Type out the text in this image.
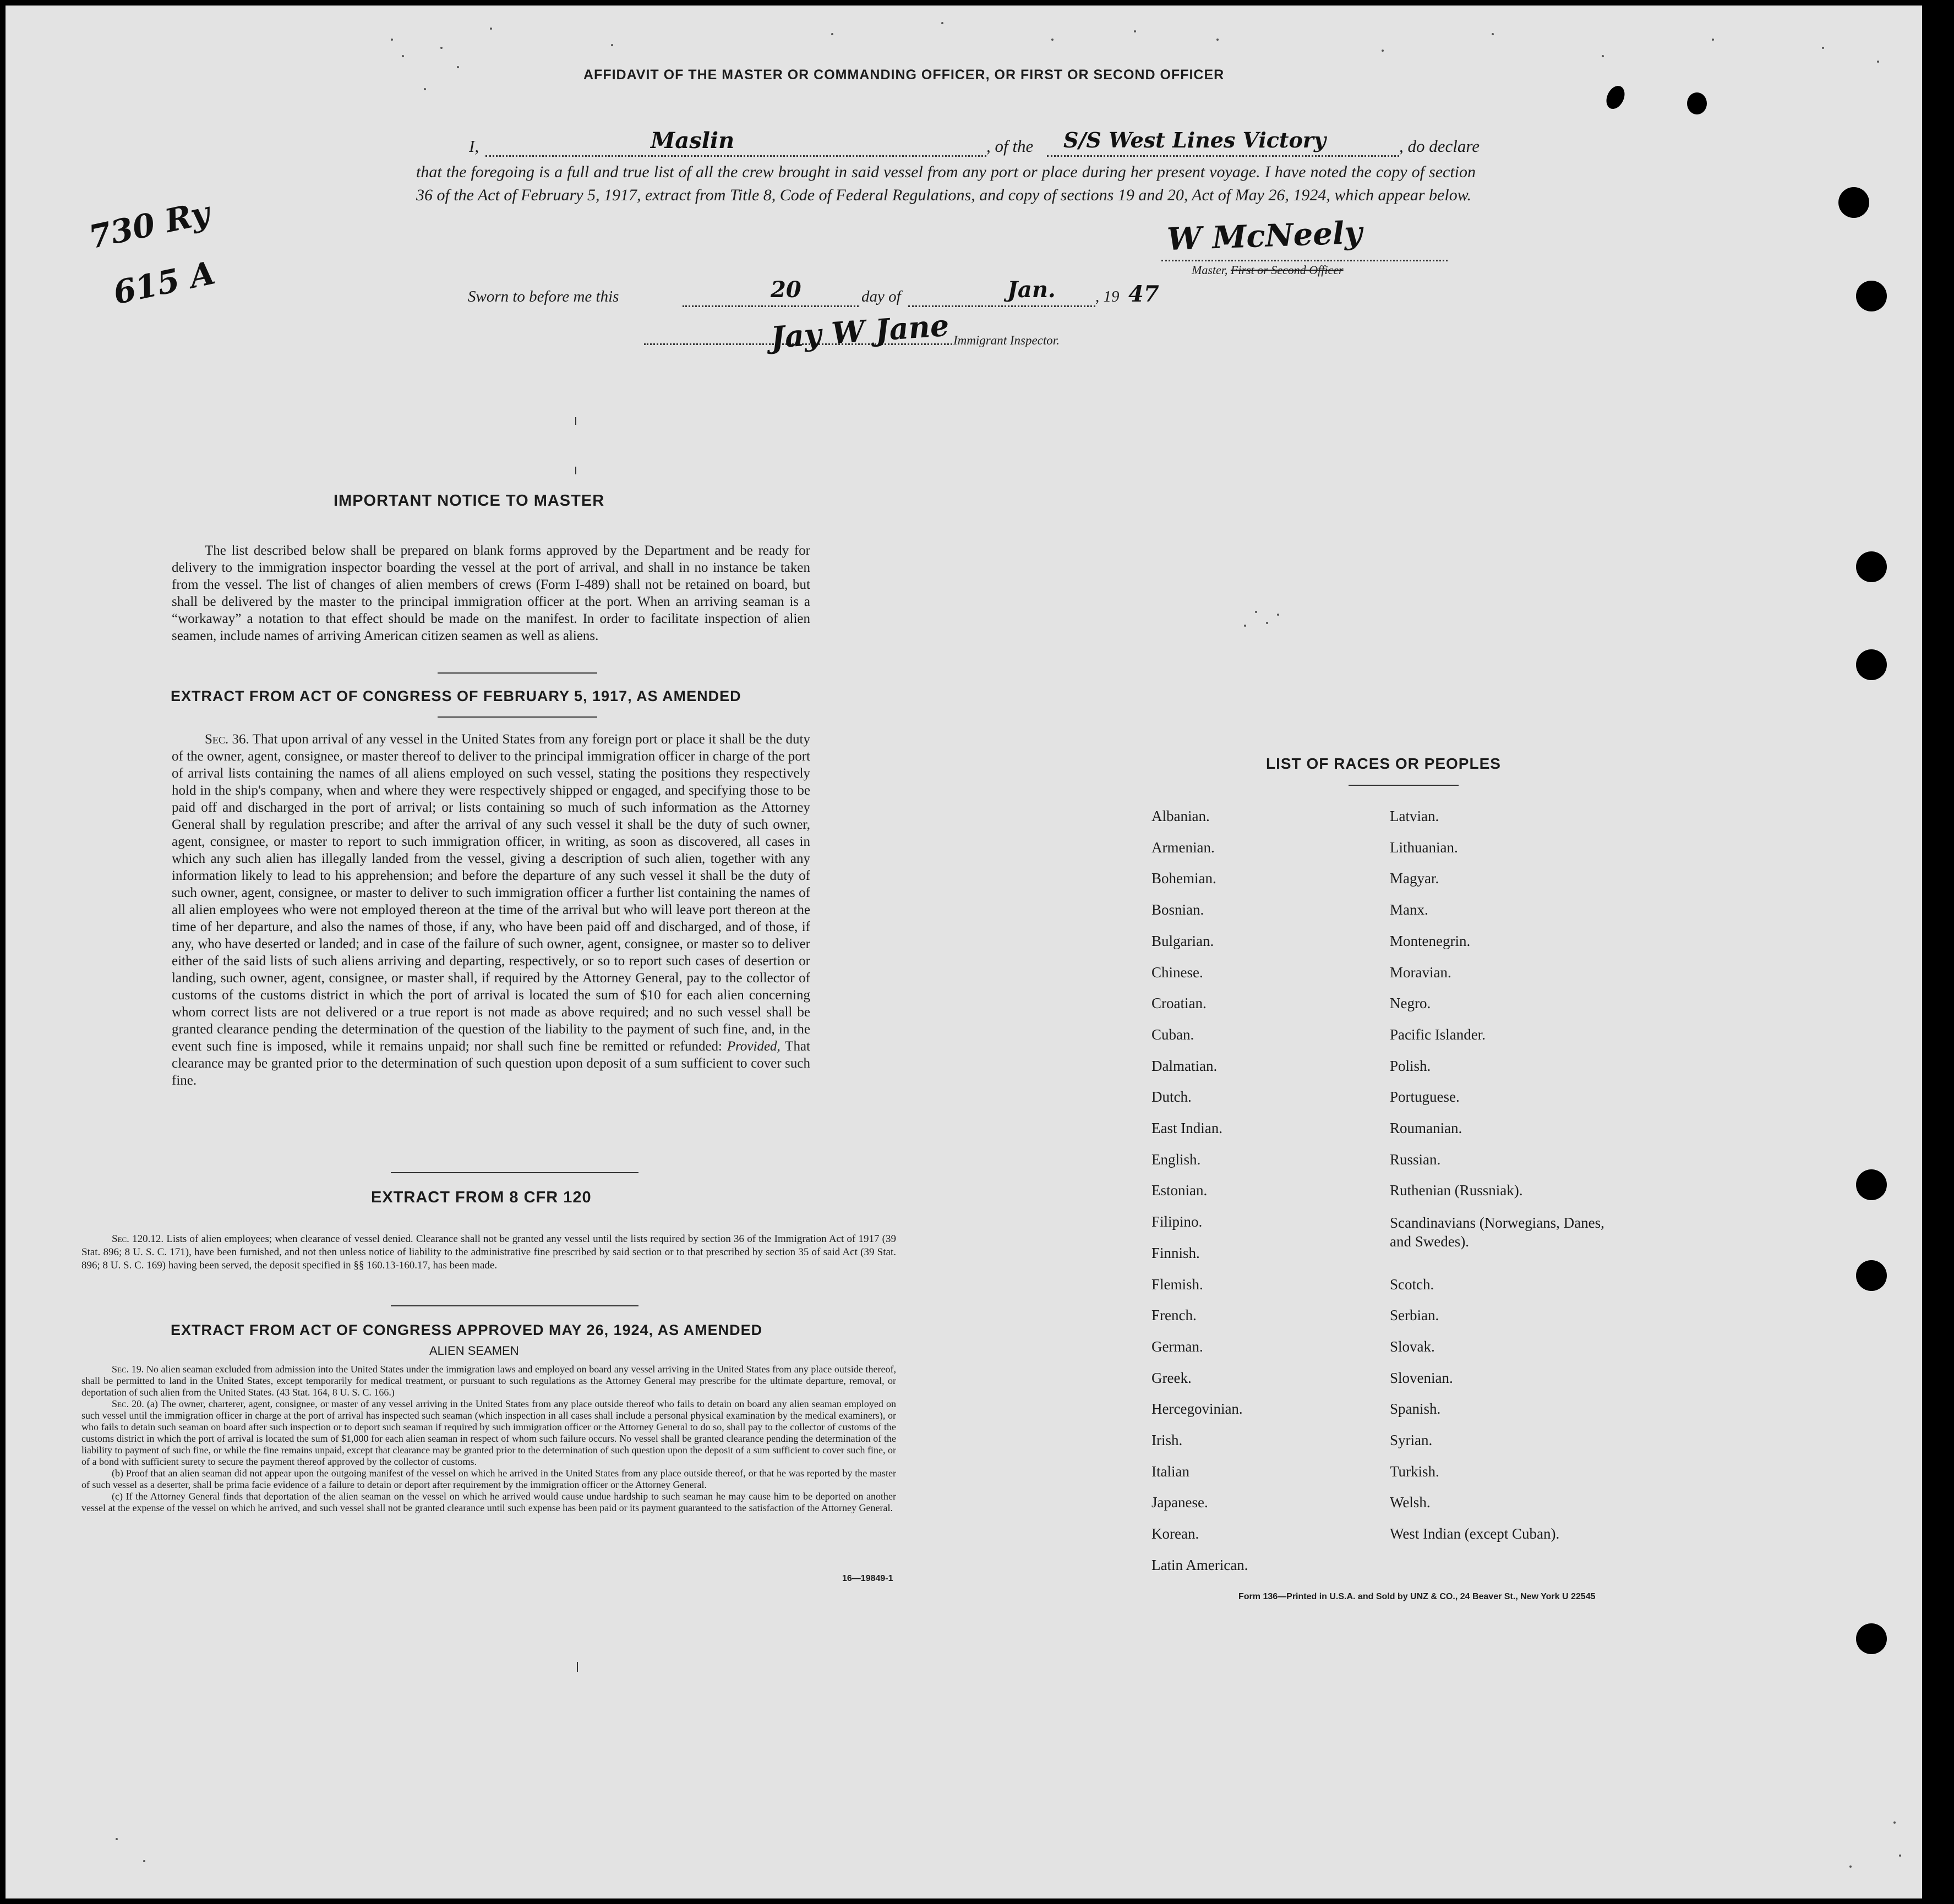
AFFIDAVIT OF THE MASTER OR COMMANDING OFFICER, OR FIRST OR SECOND OFFICER
I,	Maslin	, of the S/S West Lines Victory	, do declare
that the foregoing is a full and true list of all the crew brought in said vessel from any port or place during her present voyage. I have noted the copy of section 36 of the Act of February 5, 1917, extract from Title 8, Code of Federal Regulations, and copy of sections 19 and 20, Act of May 26, 1924, which appear below.
W McNeely
Master, First or Second Officer
Sworn to before me this	20	day of	Jan. , 19 47
Jay W Jane Immigrant Inspector.
730 Ry
615 A
IMPORTANT NOTICE TO MASTER
The list described below shall be prepared on blank forms approved by the Department and be ready for delivery to the immigration inspector boarding the vessel at the port of arrival, and shall in no instance be taken from the vessel. The list of changes of alien members of crews (Form I-489) shall not be retained on board, but shall be delivered by the master to the principal immigration officer at the port. When an arriving seaman is a “workaway” a notation to that effect should be made on the manifest. In order to facilitate inspection of alien seamen, include names of arriving American citizen seamen as well as aliens.
EXTRACT FROM ACT OF CONGRESS OF FEBRUARY 5, 1917, AS AMENDED
Sec. 36. That upon arrival of any vessel in the United States from any foreign port or place it shall be the duty of the owner, agent, consignee, or master thereof to deliver to the principal immigration officer in charge of the port of arrival lists containing the names of all aliens employed on such vessel, stating the positions they respectively hold in the ship's company, when and where they were respectively shipped or engaged, and specifying those to be paid off and discharged in the port of arrival; or lists containing so much of such information as the Attorney General shall by regulation prescribe; and after the arrival of any such vessel it shall be the duty of such owner, agent, consignee, or master to report to such immigration officer, in writing, as soon as discovered, all cases in which any such alien has illegally landed from the vessel, giving a description of such alien, together with any information likely to lead to his apprehension; and before the departure of any such vessel it shall be the duty of such owner, agent, consignee, or master to deliver to such immigration officer a further list containing the names of all alien employees who were not employed thereon at the time of the arrival but who will leave port thereon at the time of her departure, and also the names of those, if any, who have been paid off and discharged, and of those, if any, who have deserted or landed; and in case of the failure of such owner, agent, consignee, or master so to deliver either of the said lists of such aliens arriving and departing, respectively, or so to report such cases of desertion or landing, such owner, agent, consignee, or master shall, if required by the Attorney General, pay to the collector of customs of the customs district in which the port of arrival is located the sum of $10 for each alien concerning whom correct lists are not delivered or a true report is not made as above required; and no such vessel shall be granted clearance pending the determination of the question of the liability to the payment of such fine, and, in the event such fine is imposed, while it remains unpaid; nor shall such fine be remitted or refunded: Provided, That clearance may be granted prior to the determination of such question upon deposit of a sum sufficient to cover such fine.
EXTRACT FROM 8 CFR 120
Sec. 120.12. Lists of alien employees; when clearance of vessel denied. Clearance shall not be granted any vessel until the lists required by section 36 of the Immigration Act of 1917 (39 Stat. 896; 8 U. S. C. 171), have been furnished, and not then unless notice of liability to the administrative fine prescribed by said section or to that prescribed by section 35 of said Act (39 Stat. 896; 8 U. S. C. 169) having been served, the deposit specified in §§ 160.13-160.17, has been made.
EXTRACT FROM ACT OF CONGRESS APPROVED MAY 26, 1924, AS AMENDED
ALIEN SEAMEN
Sec. 19. No alien seaman excluded from admission into the United States under the immigration laws and employed on board any vessel arriving in the United States from any place outside thereof, shall be permitted to land in the United States, except temporarily for medical treatment, or pursuant to such regulations as the Attorney General may prescribe for the ultimate departure, removal, or deportation of such alien from the United States. (43 Stat. 164, 8 U. S. C. 166.)
Sec. 20. (a) The owner, charterer, agent, consignee, or master of any vessel arriving in the United States from any place outside thereof who fails to detain on board any alien seaman employed on such vessel until the immigration officer in charge at the port of arrival has inspected such seaman (which inspection in all cases shall include a personal physical examination by the medical examiners), or who fails to detain such seaman on board after such inspection or to deport such seaman if required by such immigration officer or the Attorney General to do so, shall pay to the collector of customs of the customs district in which the port of arrival is located the sum of $1,000 for each alien seaman in respect of whom such failure occurs. No vessel shall be granted clearance pending the determination of the liability to payment of such fine, or while the fine remains unpaid, except that clearance may be granted prior to the determination of such question upon the deposit of a sum sufficient to cover such fine, or of a bond with sufficient surety to secure the payment thereof approved by the collector of customs.
(b) Proof that an alien seaman did not appear upon the outgoing manifest of the vessel on which he arrived in the United States from any place outside thereof, or that he was reported by the master of such vessel as a deserter, shall be prima facie evidence of a failure to detain or deport after requirement by the immigration officer or the Attorney General.
(c) If the Attorney General finds that deportation of the alien seaman on the vessel on which he arrived would cause undue hardship to such seaman he may cause him to be deported on another vessel at the expense of the vessel on which he arrived, and such vessel shall not be granted clearance until such expense has been paid or its payment guaranteed to the satisfaction of the Attorney General.
16—19849-1
LIST OF RACES OR PEOPLES
Form 136—Printed in U.S.A. and Sold by UNZ & CO., 24 Beaver St., New York U 22545
Albanian.
Armenian.
Bohemian.
Bosnian.
Bulgarian.
Chinese.
Croatian.
Cuban.
Dalmatian.
Dutch.
East Indian.
English.
Estonian.
Filipino.
Finnish.
Flemish.
French.
German.
Greek.
Hercegovinian.
Irish.
Italian
Japanese.
Korean.
Latin American.
Latvian.
Lithuanian.
Magyar.
Manx.
Montenegrin.
Moravian.
Negro.
Pacific Islander.
Polish.
Portuguese.
Roumanian.
Russian.
Ruthenian (Russniak).
Scandinavians (Norwegians, Danes, and Swedes).
Scotch.
Serbian.
Slovak.
Slovenian.
Spanish.
Syrian.
Turkish.
Welsh.
West Indian (except Cuban).
